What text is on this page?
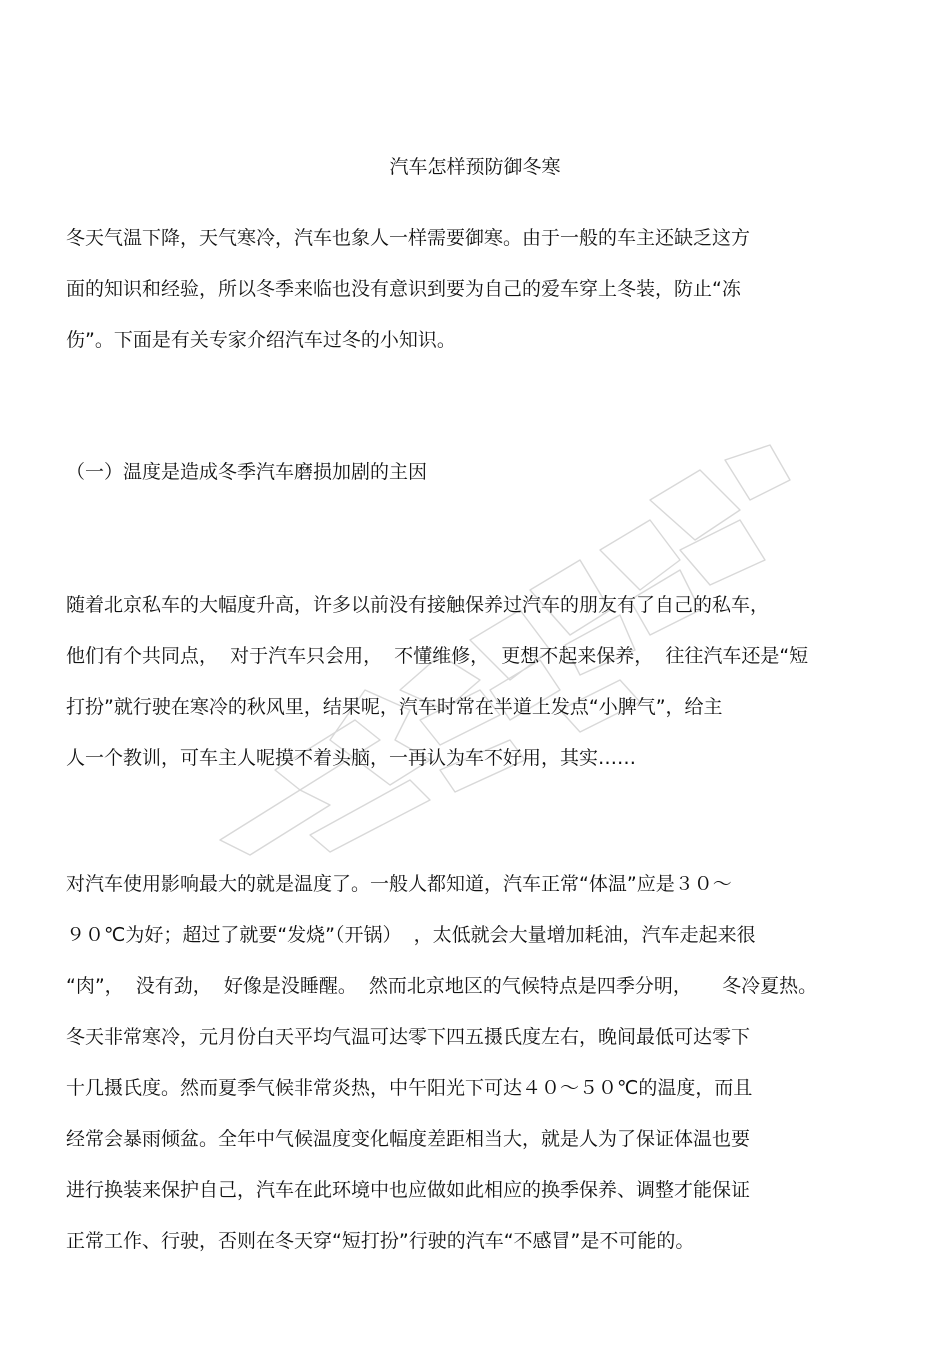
汽车怎样预防御冬寒
冬天气温下降，天气寒冷，汽车也象人一样需要御寒。由于一般的车主还缺乏这方
面的知识和经验，所以冬季来临也没有意识到要为自己的爱车穿上冬装，防止“冻
伤”。下面是有关专家介绍汽车过冬的小知识。
（一）温度是造成冬季汽车磨损加剧的主因
随着北京私车的大幅度升高，许多以前没有接触保养过汽车的朋友有了自己的私车，
他们有个共同点，  对于汽车只会用，  不懂维修，  更想不起来保养，  往往汽车还是“短
打扮”就行驶在寒冷的秋风里，结果呢，汽车时常在半道上发点“小脾气”，给主
人一个教训，可车主人呢摸不着头脑，一再认为车不好用，其实……
对汽车使用影响最大的就是温度了。一般人都知道，汽车正常“体温”应是３０～
９０℃为好；超过了就要“发烧”（开锅）  ，太低就会大量增加耗油，汽车走起来很
“肉”，  没有劲，  好像是没睡醒。  然而北京地区的气候特点是四季分明，     冬冷夏热。
冬天非常寒冷，元月份白天平均气温可达零下四五摄氏度左右，晚间最低可达零下
十几摄氏度。然而夏季气候非常炎热，中午阳光下可达４０～５０℃的温度，而且
经常会暴雨倾盆。全年中气候温度变化幅度差距相当大，就是人为了保证体温也要
进行换装来保护自己，汽车在此环境中也应做如此相应的换季保养、调整才能保证
正常工作、行驶，否则在冬天穿“短打扮”行驶的汽车“不感冒”是不可能的。
